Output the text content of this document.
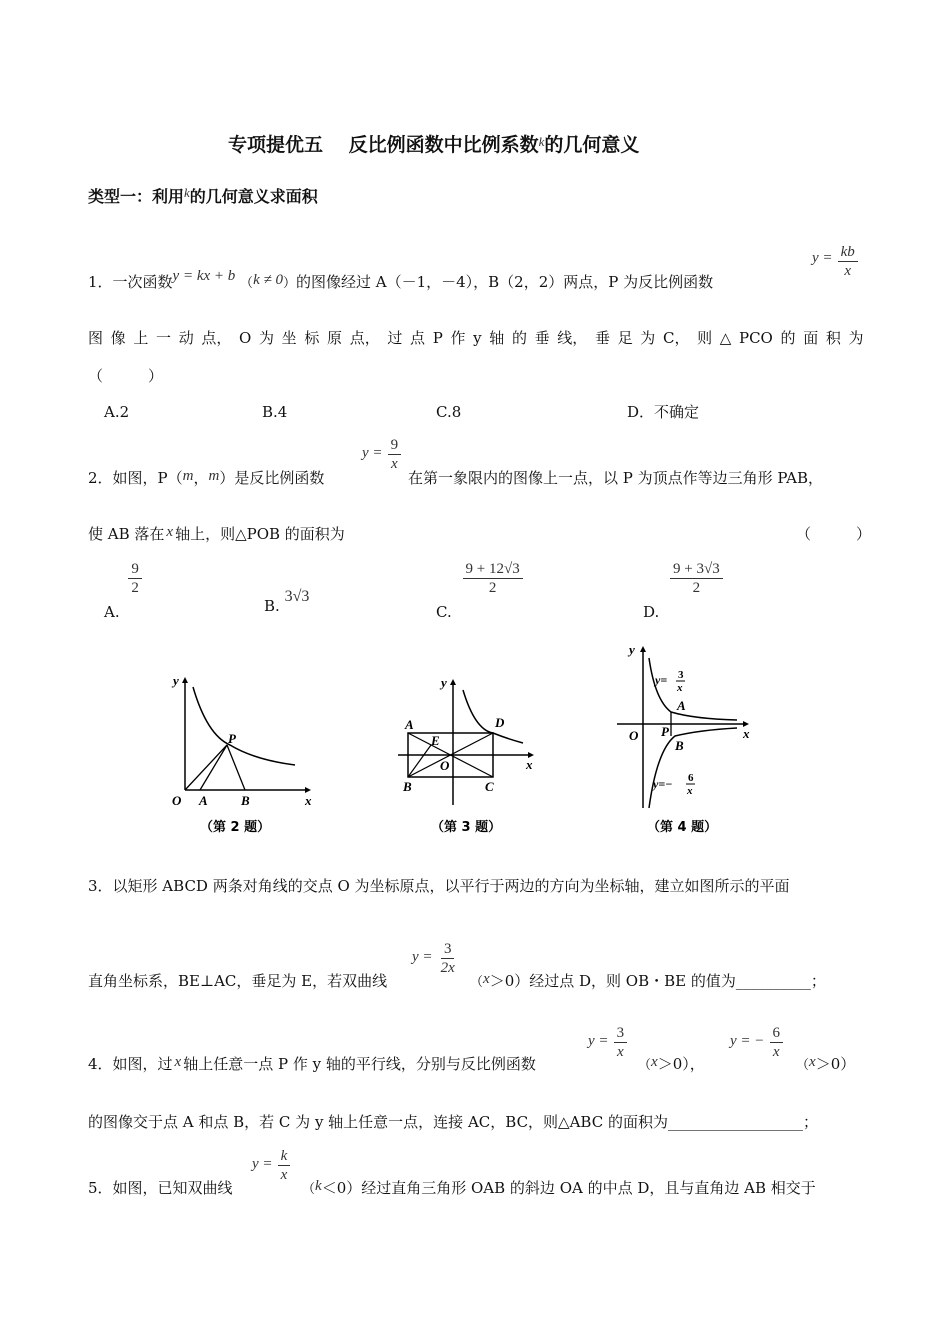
专项提优五　 反比例函数中比例系数$^k$的几何意义
类型一：利用$^k$的几何意义求面积
1．一次函数y = kx + b （k ≠ 0）的图像经过 A（－1，－4），B（2，2）两点，P 为反比例函数
$y = \frac{kb}{x}$
图 像 上 一 动 点， O 为 坐 标 原 点， 过 点 P 作 y 轴 的 垂 线， 垂 足 为 C， 则 △ PCO 的 面 积 为
（　　　）
A.2	B.4	C.8	D．不确定
2．如图，P（m，m）是反比例函数
$y = \frac{9}{x}$
在第一象限内的图像上一点，以 P 为顶点作等边三角形 PAB，
使 AB 落在 x 轴上，则△POB 的面积为	（　　　）
A.
$\frac{9}{2}$
B. 3√3
C.
$\frac{9 + 12√3}{2}$
D.
$\frac{9 + 3√3}{2}$
y
x
O A	B
P
（第 2 题）
y
x
A
B	C
D
E
O
（第 3 题）
y
x
O P
A
B
y= 3
x
y=− 6
x
（第 4 题）
3．以矩形 ABCD 两条对角线的交点 O 为坐标原点，以平行于两边的方向为坐标轴，建立如图所示的平面
$y = \frac{3}{2x}$
直角坐标系，BE⊥AC，垂足为 E，若双曲线	（x＞0）经过点 D，则 OB・BE 的值为__________；
4．如图，过 x 轴上任意一点 P 作 y 轴的平行线，分别与反比例函数
$y = \frac{3}{x}$
（x＞0），
y = − $\frac{6}{x}$
（x＞0）
的图像交于点 A 和点 B，若 C 为 y 轴上任意一点，连接 AC，BC，则△ABC 的面积为__________________；
5．如图，已知双曲线
$y = \frac{k}{x}$
（k＜0）经过直角三角形 OAB 的斜边 OA 的中点 D，且与直角边 AB 相交于
